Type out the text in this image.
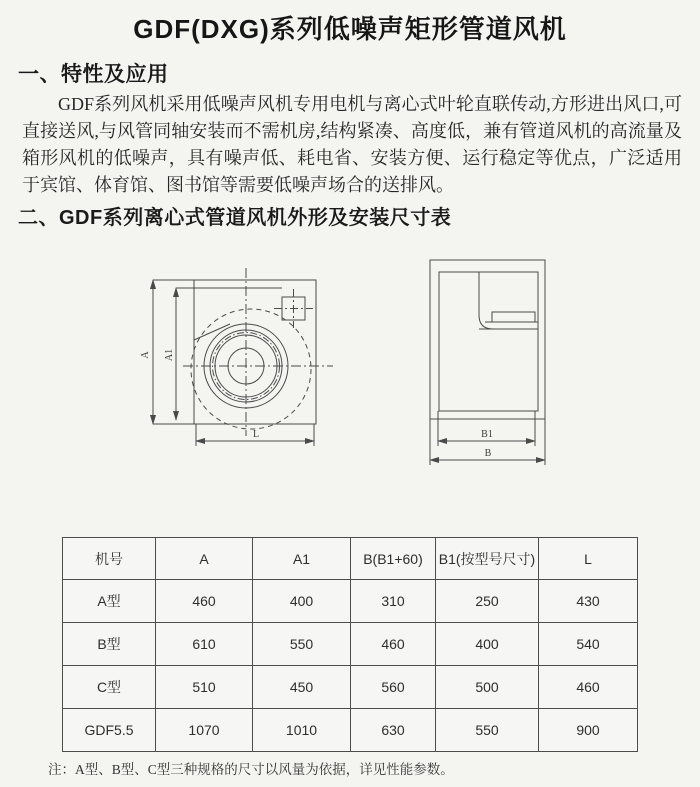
GDF(DXG)系列低噪声矩形管道风机
一、特性及应用

GDF系列风机采用低噪声风机专用电机与离心式叶轮直联传动,方形进出风口,可直接送风,与风管同轴安装而不需机房,结构紧凑、高度低，兼有管道风机的高流量及箱形风机的低噪声，具有噪声低、耗电省、安装方便、运行稳定等优点，广泛适用于宾馆、体育馆、图书馆等需要低噪声场合的送排风。

二、GDF系列离心式管道风机外形及安装尺寸表
A A1
L	B1
B
机号	A	A1	B(B1+60)	B1(按型号尺寸)	L
A型	460	400	310	250	430
B型	610	550	460	400	540
C型	510	450	560	500	460
GDF5.5	1070	1010	630	550	900
注：A型、B型、C型三种规格的尺寸以风量为依据，详见性能参数。
